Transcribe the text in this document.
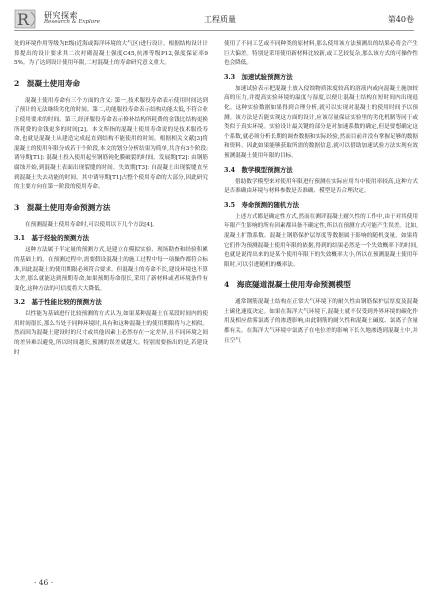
R 研究探索
Research & Explore	工程质量	第40卷

处的环境作用等级为E级(近海或海洋环境的大气区)进行设计。根据结构设计计算提出的设计要求其二次衬砌混凝土强度C45,抗渗等级P12,强度保证率95%。为了达到设计使用年限,二衬混凝土的寿命研究意义重大。

2　混凝土使用寿命

混凝土使用寿命有三个方面的含义: 第一,技术服役寿命表示使用时间达到了预计的无法继续劣化的时间。第二,功能服役寿命表示结构功能太低,不符合业主使用要求的时间。第三,经济服役寿命表示修补结构所耗费的金钱比结构更换所耗费的金钱更多的时间[2]。本文所指的混凝土使用寿命说的是技术服役寿命,也就是混凝土从建造完成起直到结构不能使用的时间。根据相关文献[3]将混凝土的使用年限分成若干个阶段,本文的划分分析结果为简单,共含有3个阶段: 诱导期[T1]: 混凝土投入使用起至钢筋钝化膜破裂的时间。发展期[T2]: 由钢筋腐蚀开始,到混凝土表面出现裂缝的时间。失效期[T3]: 自混凝土出现裂缝直至到混凝土失去功能的时间。其中诱导期[T1]占整个使用寿命的大部分,因此研究的主要方向在第一阶段的使用寿命。

3　混凝土使用寿命预测方法

在预测混凝土使用寿命时,可以使用以下几个方法[4]。

3.1　基于经验的预测方法

这种方法属于半定量的预测方式,是建立在模拟实验、现场勘查和经验积累的基础上的。在预测过程中,需要假设混凝土的施工过程中每一项操作都符合标准,因此混凝土的使用期限必须符合要求。但混凝土的寿命不长,建设环境也不算太差,那么就能达到预期寿命,如果预期寿命很长,采用了新材料或者环境条件有变化,这种方法的可信度将大大降低。

3.2　基于性能比较的预测方法

以性能为基础进行比较预测的方式认为,如果某种混凝土在某段时间内的使用时间很长,那么当处于同种环境时,具有和这种混凝土的使用期限将与之相似。然而因为混凝土建设时的尺寸或其他因素上必然存在一定差异,且不同环境之间的差异难以避免,所以时间越长,预测的误差就越大。特别需要指出的是,若建设时

使用了不同工艺或不同种类的原材料,那么使用该方法预测出的结果必将会产生巨大偏差。特别是采用使用新材料比较新,或工艺较复杂,那么该方式的可操作性也会降低。

3.3　加速试验预测方法

加速试验表示把混凝土放入侵蚀物质浓度较高的溶液内或向混凝土施加较高的压力,并提高实验环境的温度与湿度,以便让混凝土结构在短时间内出现退化。这种实验数据如果得到合理分析,就可以实现对混凝土的使用时间予以预测。该方法是否能实现这方面的设计,应该尽量保证实验里的劣化机制等同于或类似于真实环境。实验设计最关键的部分是对加速系数的确定,但是要想确定这个系数,就必须分析长期的调查数据和实际经验,然而目前并没有掌握足够的数据和资料。因此如果能够获取所需的数据信息,就可以借助加速试验方法实现有效预测混凝土使用年限的目标。

3.4　数学模型预测方法

借助数学模型来对使用年限进行预测在实际应用当中使用率较高,这种方式是否准确由环境与材料参数是否准确、模型是否合理决定。

3.5　寿命预测的随机方法

上述方式都是确定性方式,然而在测评混凝土耐久性的工作中,由于对其使用年限产生影响的所有因素都具备不确定性,所以在预测方式可能产生误差。比如,混凝土扩散系数、混凝土钢筋保护层厚度等数据属于影响的随机变量。如果将它们作为预测混凝土使用年限的依据,得到的结果必然是一个失效概率下的时间,也就是说得出来的是某个使用年限下的失效概率大小,所以在预测混凝土使用年限时,可以引进随机的概率法。

4　海底隧道混凝土使用寿命预测模型

通常钢筋混凝土结构在正常大气环境下的耐久性由钢筋保护层厚度及混凝土碳化速度决定。如果在海洋大气环境下,混凝土就不仅受到外界环境的碳化作用及相应盐雾氯离子的渗透影响,由此钢筋的耐久性和混凝土碱度、氯离子含量都有关。在海洋大气环境中氯离子在电位差的影响下长久地渗透到混凝土中,并且空气

· 46 ·
